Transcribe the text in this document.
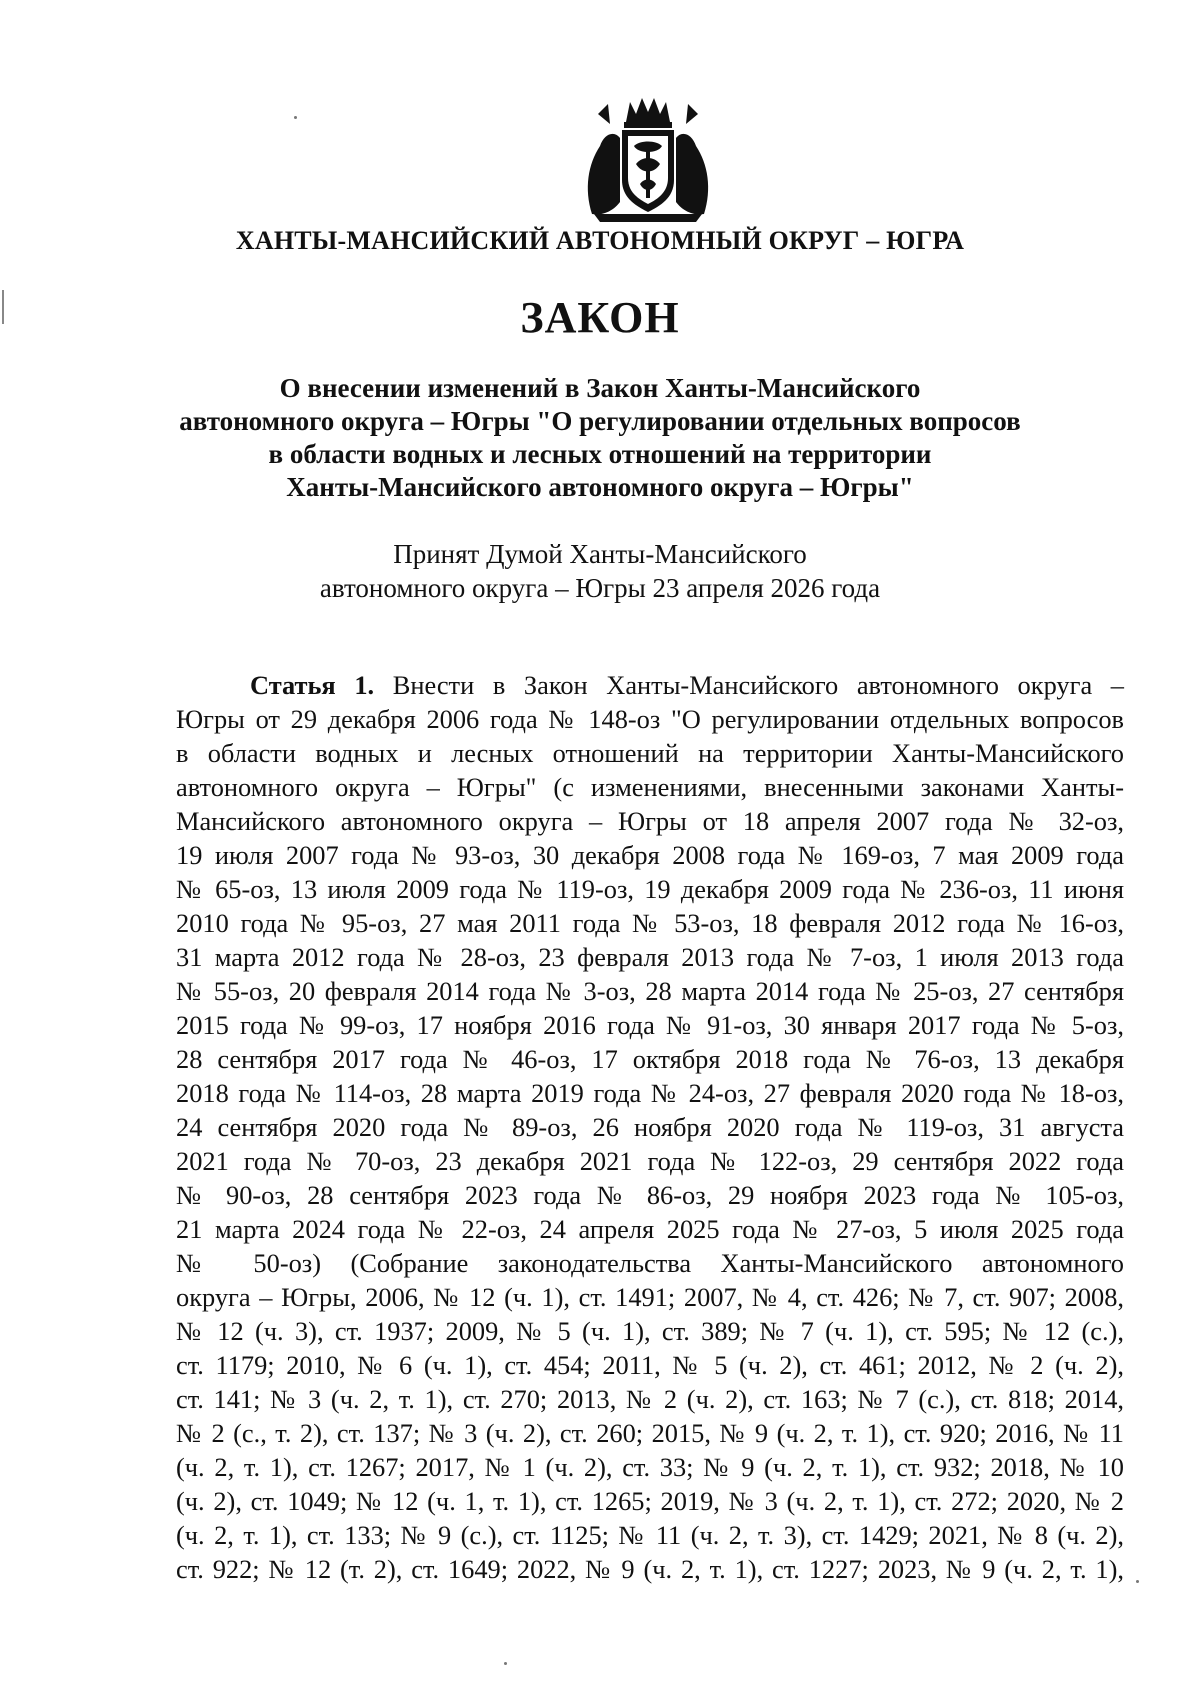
ХАНТЫ-МАНСИЙСКИЙ АВТОНОМНЫЙ ОКРУГ – ЮГРА
ЗАКОН
О внесении изменений в Закон Ханты-Мансийского
автономного округа – Югры "О регулировании отдельных вопросов
в области водных и лесных отношений на территории
Ханты-Мансийского автономного округа – Югры"
Принят Думой Ханты-Мансийского
автономного округа – Югры 23 апреля 2026 года
Статья 1. Внести в Закон Ханты-Мансийского автономного округа –
Югры от 29 декабря 2006 года № 148-оз "О регулировании отдельных вопросов
в области водных и лесных отношений на территории Ханты-Мансийского
автономного округа – Югры" (с изменениями, внесенными законами Ханты-
Мансийского автономного округа – Югры от 18 апреля 2007 года № 32-оз,
19 июля 2007 года № 93-оз, 30 декабря 2008 года № 169-оз, 7 мая 2009 года
№ 65-оз, 13 июля 2009 года № 119-оз, 19 декабря 2009 года № 236-оз, 11 июня
2010 года № 95-оз, 27 мая 2011 года № 53-оз, 18 февраля 2012 года № 16-оз,
31 марта 2012 года № 28-оз, 23 февраля 2013 года № 7-оз, 1 июля 2013 года
№ 55-оз, 20 февраля 2014 года № 3-оз, 28 марта 2014 года № 25-оз, 27 сентября
2015 года № 99-оз, 17 ноября 2016 года № 91-оз, 30 января 2017 года № 5-оз,
28 сентября 2017 года № 46-оз, 17 октября 2018 года № 76-оз, 13 декабря
2018 года № 114-оз, 28 марта 2019 года № 24-оз, 27 февраля 2020 года № 18-оз,
24 сентября 2020 года № 89-оз, 26 ноября 2020 года № 119-оз, 31 августа
2021 года № 70-оз, 23 декабря 2021 года № 122-оз, 29 сентября 2022 года
№ 90-оз, 28 сентября 2023 года № 86-оз, 29 ноября 2023 года № 105-оз,
21 марта 2024 года № 22-оз, 24 апреля 2025 года № 27-оз, 5 июля 2025 года
№ 50-оз) (Собрание законодательства Ханты-Мансийского автономного
округа – Югры, 2006, № 12 (ч. 1), ст. 1491; 2007, № 4, ст. 426; № 7, ст. 907; 2008,
№ 12 (ч. 3), ст. 1937; 2009, № 5 (ч. 1), ст. 389; № 7 (ч. 1), ст. 595; № 12 (с.),
ст. 1179; 2010, № 6 (ч. 1), ст. 454; 2011, № 5 (ч. 2), ст. 461; 2012, № 2 (ч. 2),
ст. 141; № 3 (ч. 2, т. 1), ст. 270; 2013, № 2 (ч. 2), ст. 163; № 7 (с.), ст. 818; 2014,
№ 2 (с., т. 2), ст. 137; № 3 (ч. 2), ст. 260; 2015, № 9 (ч. 2, т. 1), ст. 920; 2016, № 11
(ч. 2, т. 1), ст. 1267; 2017, № 1 (ч. 2), ст. 33; № 9 (ч. 2, т. 1), ст. 932; 2018, № 10
(ч. 2), ст. 1049; № 12 (ч. 1, т. 1), ст. 1265; 2019, № 3 (ч. 2, т. 1), ст. 272; 2020, № 2
(ч. 2, т. 1), ст. 133; № 9 (с.), ст. 1125; № 11 (ч. 2, т. 3), ст. 1429; 2021, № 8 (ч. 2),
ст. 922; № 12 (т. 2), ст. 1649; 2022, № 9 (ч. 2, т. 1), ст. 1227; 2023, № 9 (ч. 2, т. 1),
